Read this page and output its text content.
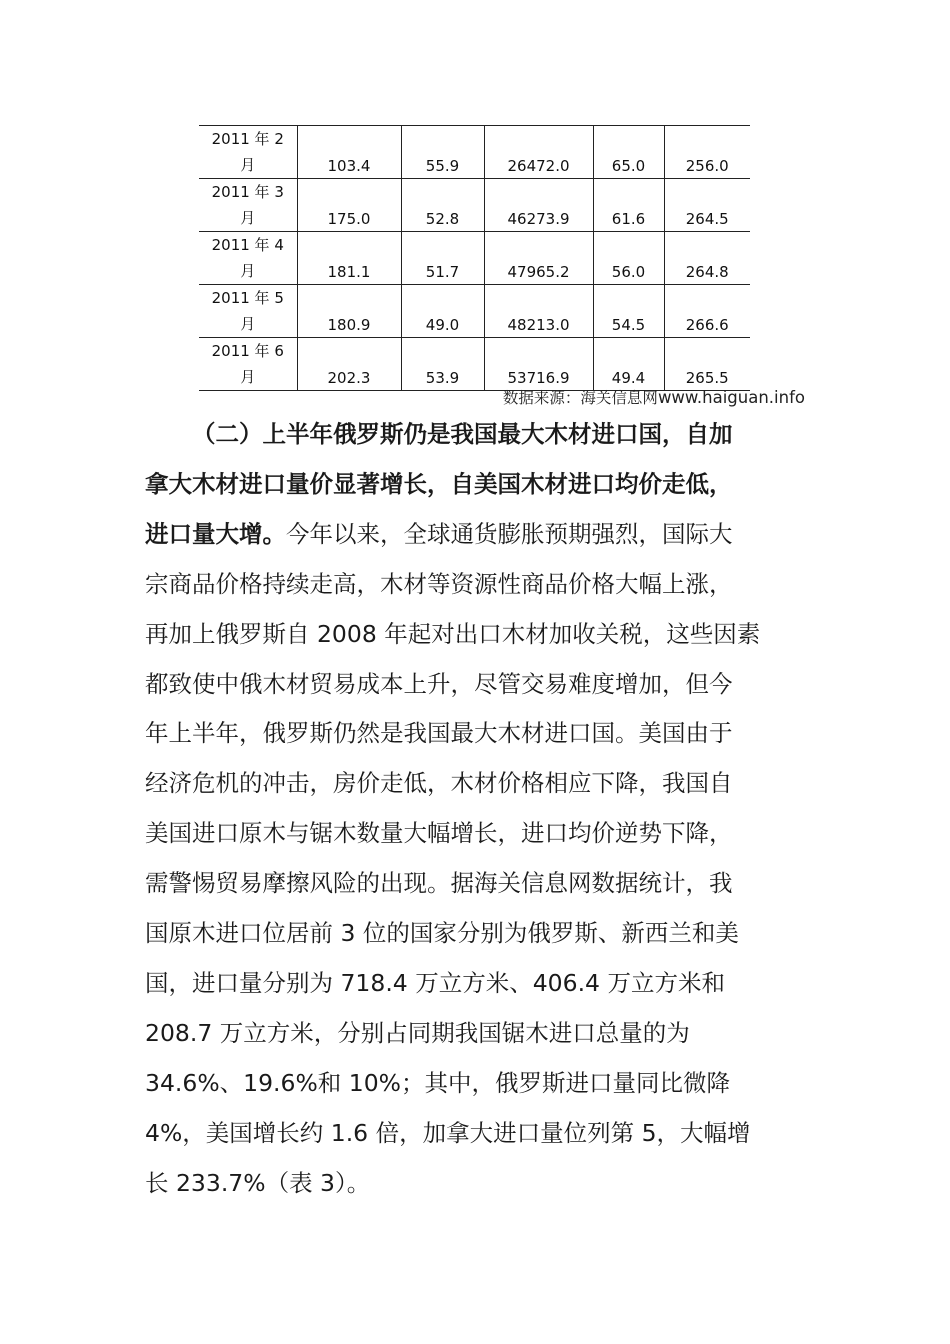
2011 年 2
月	103.4	55.9	26472.0	65.0	256.0

2011 年 3
月	175.0	52.8	46273.9	61.6	264.5

2011 年 4
月	181.1	51.7	47965.2	56.0	264.8

2011 年 5
月	180.9	49.0	48213.0	54.5	266.6

2011 年 6
月	202.3	53.9	53716.9	49.4	265.5
数据来源：海关信息网www.haiguan.info

（二）上半年俄罗斯仍是我国最大木材进口国，自加
拿大木材进口量价显著增长，自美国木材进口均价走低，
进口量大增。今年以来，全球通货膨胀预期强烈，国际大
宗商品价格持续走高，木材等资源性商品价格大幅上涨，
再加上俄罗斯自 2008 年起对出口木材加收关税，这些因素
都致使中俄木材贸易成本上升，尽管交易难度增加，但今
年上半年，俄罗斯仍然是我国最大木材进口国。美国由于
经济危机的冲击，房价走低，木材价格相应下降，我国自
美国进口原木与锯木数量大幅增长，进口均价逆势下降，
需警惕贸易摩擦风险的出现。据海关信息网数据统计，我
国原木进口位居前 3 位的国家分别为俄罗斯、新西兰和美
国，进口量分别为 718.4 万立方米、406.4 万立方米和
208.7 万立方米，分别占同期我国锯木进口总量的为
34.6%、19.6%和 10%；其中，俄罗斯进口量同比微降
4%，美国增长约 1.6 倍，加拿大进口量位列第 5，大幅增
长 233.7%（表 3）。
